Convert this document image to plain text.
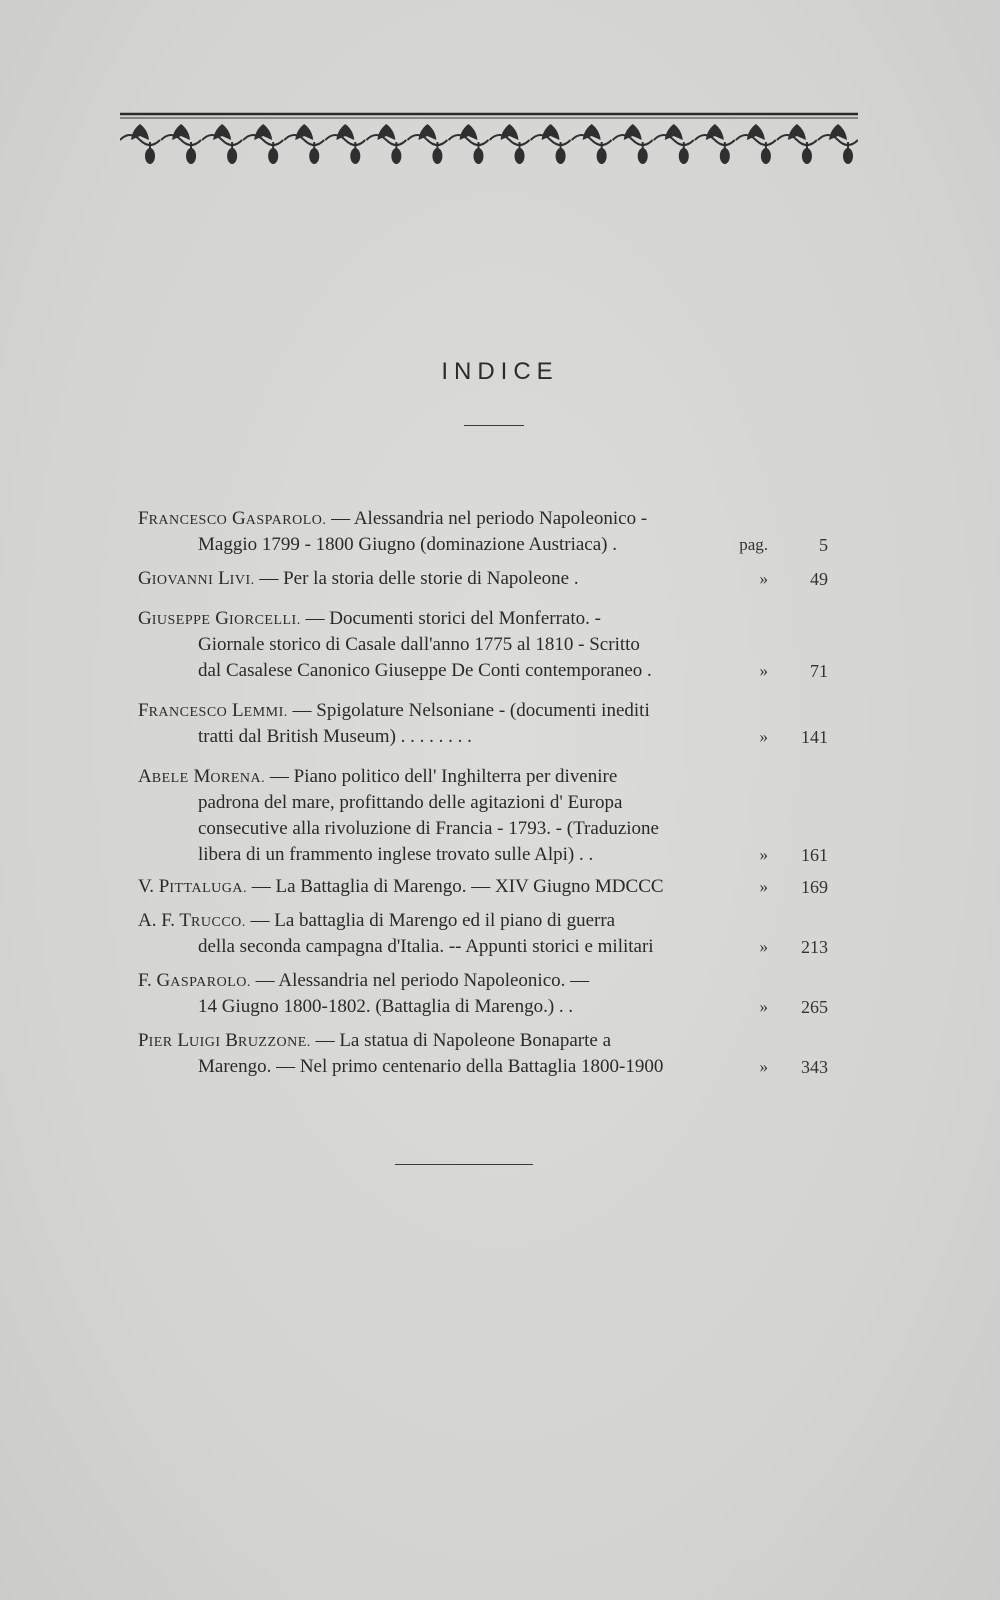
INDICE
FRANCESCO GASPAROLO. — Alessandria nel periodo Napoleonico -
Maggio 1799 - 1800 Giugno (dominazione Austriaca) .	pag.	5
GIOVANNI LIVI. — Per la storia delle storie di Napoleone .	»	49
GIUSEPPE GIORCELLI. — Documenti storici del Monferrato. -
Giornale storico di Casale dall'anno 1775 al 1810 - Scritto
dal Casalese Canonico Giuseppe De Conti contemporaneo .	»	71
FRANCESCO LEMMI. — Spigolature Nelsoniane - (documenti inediti
tratti dal British Museum) . . . . . . . .	»	141
ABELE MORENA. — Piano politico dell' Inghilterra per divenire
padrona del mare, profittando delle agitazioni d' Europa
consecutive alla rivoluzione di Francia - 1793. - (Traduzione
libera di un frammento inglese trovato sulle Alpi) . .	»	161
V. PITTALUGA. — La Battaglia di Marengo. — XIV Giugno MDCCC	»	169
A. F. TRUCCO. — La battaglia di Marengo ed il piano di guerra
della seconda campagna d'Italia. -- Appunti storici e militari	»	213
F. GASPAROLO. — Alessandria nel periodo Napoleonico. —
14 Giugno 1800-1802. (Battaglia di Marengo.) . .	»	265
PIER LUIGI BRUZZONE. — La statua di Napoleone Bonaparte a
Marengo. — Nel primo centenario della Battaglia 1800-1900	»	343
